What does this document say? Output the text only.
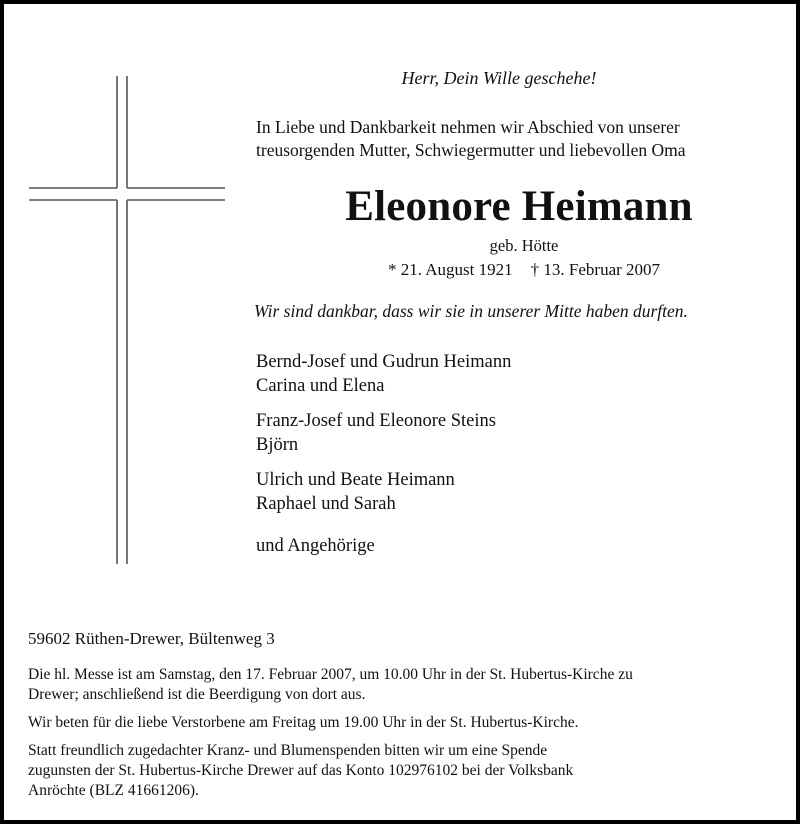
Herr, Dein Wille geschehe!

In Liebe und Dankbarkeit nehmen wir Abschied von unserer
treusorgenden Mutter, Schwiegermutter und liebevollen Oma

Eleonore Heimann

geb. Hötte

* 21. August 1921 † 13. Februar 2007

Wir sind dankbar, dass wir sie in unserer Mitte haben durften.

Bernd-Josef und Gudrun Heimann
Carina und Elena
Franz-Josef und Eleonore Steins
Björn
Ulrich und Beate Heimann
Raphael und Sarah

und Angehörige

59602 Rüthen-Drewer, Bültenweg 3

Die hl. Messe ist am Samstag, den 17. Februar 2007, um 10.00 Uhr in der St. Hubertus-Kirche zu
Drewer; anschließend ist die Beerdigung von dort aus.

Wir beten für die liebe Verstorbene am Freitag um 19.00 Uhr in der St. Hubertus-Kirche.

Statt freundlich zugedachter Kranz- und Blumenspenden bitten wir um eine Spende
zugunsten der St. Hubertus-Kirche Drewer auf das Konto 102976102 bei der Volksbank
Anröchte (BLZ 41661206).
